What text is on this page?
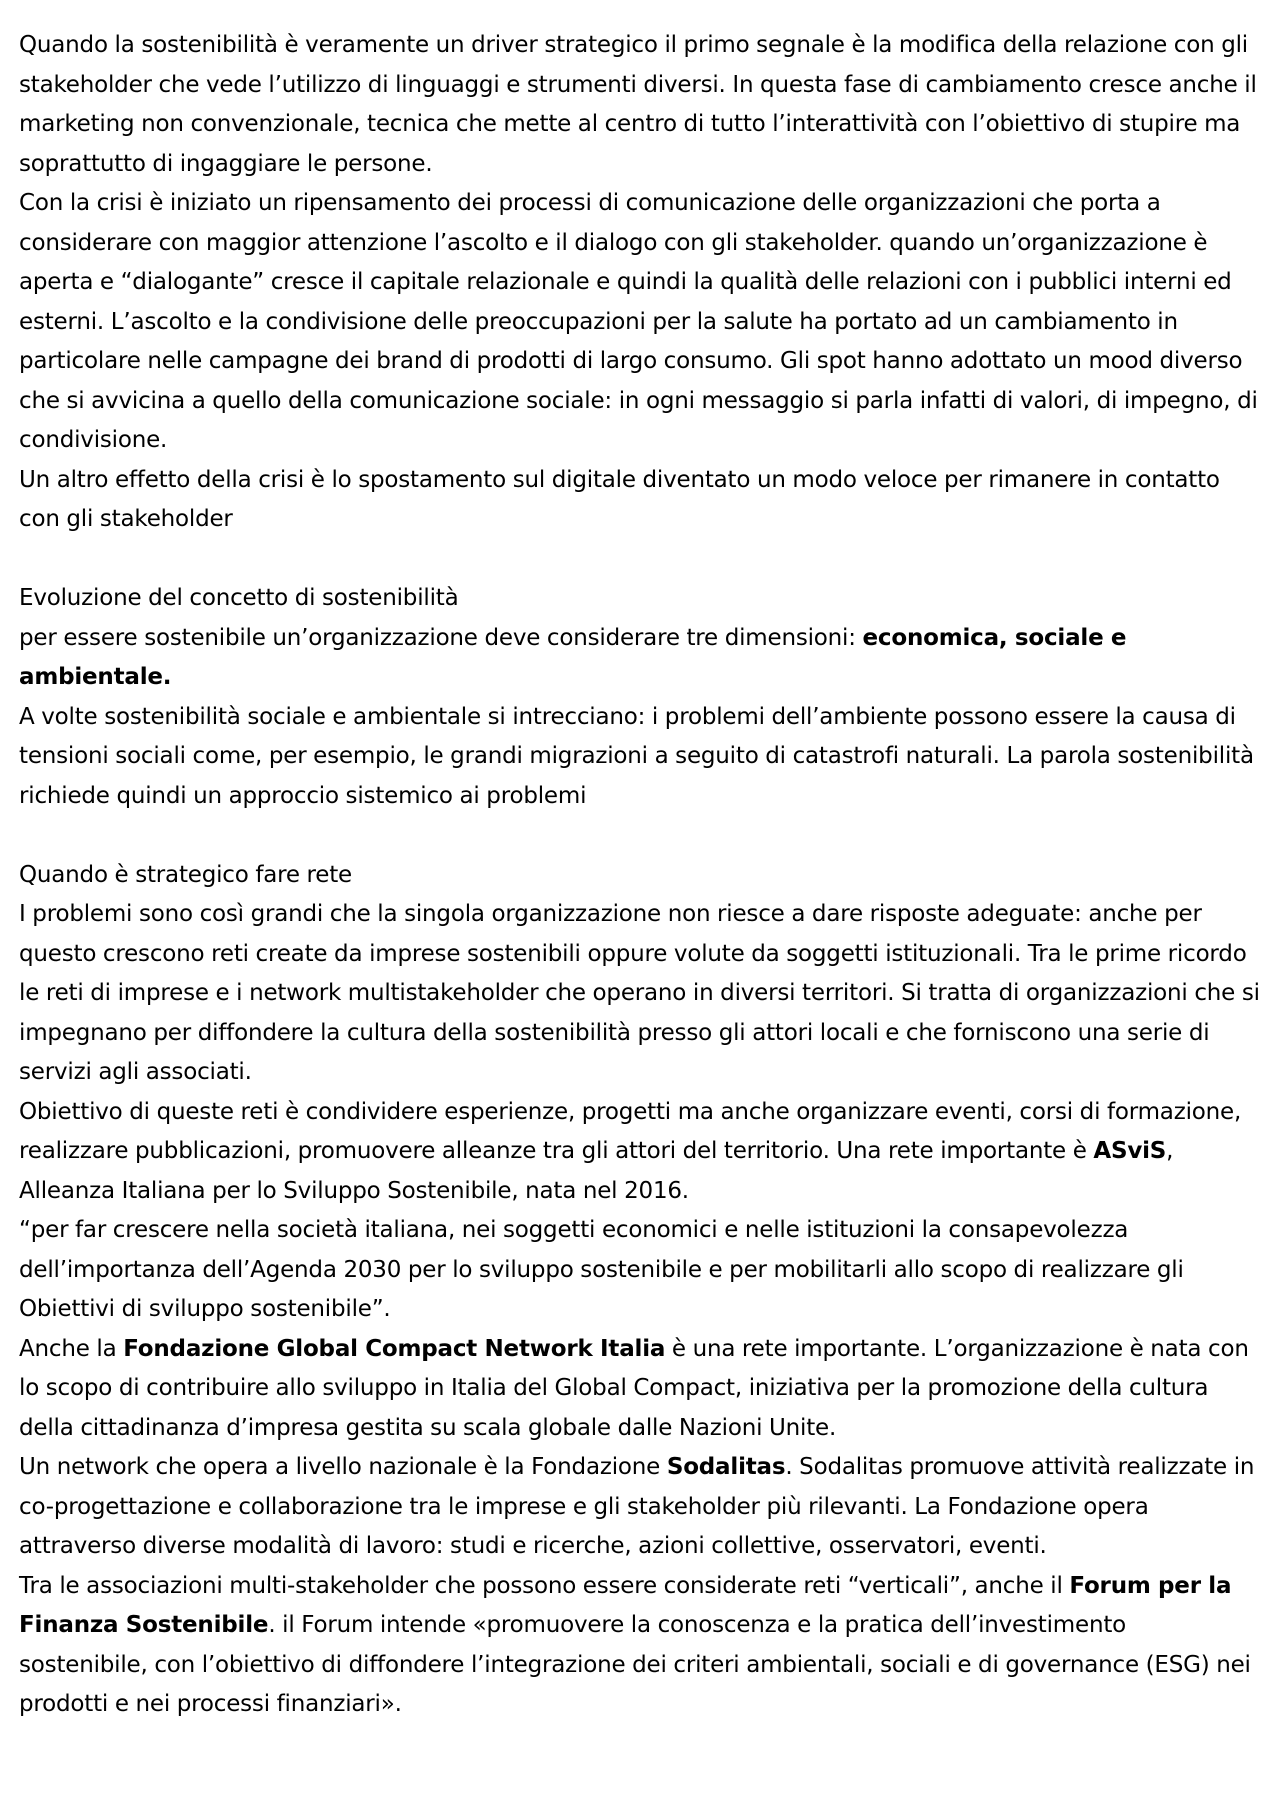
Quando la sostenibilità è veramente un driver strategico il primo segnale è la modifica della relazione con gli stakeholder che vede l’utilizzo di linguaggi e strumenti diversi. In questa fase di cambiamento cresce anche il marketing non convenzionale, tecnica che mette al centro di tutto l’interattività con l’obiettivo di stupire ma soprattutto di ingaggiare le persone.

Con la crisi è iniziato un ripensamento dei processi di comunicazione delle organizzazioni che porta a considerare con maggior attenzione l’ascolto e il dialogo con gli stakeholder. quando un’organizzazione è aperta e “dialogante” cresce il capitale relazionale e quindi la qualità delle relazioni con i pubblici interni ed esterni. L’ascolto e la condivisione delle preoccupazioni per la salute ha portato ad un cambiamento in particolare nelle campagne dei brand di prodotti di largo consumo. Gli spot hanno adottato un mood diverso che si avvicina a quello della comunicazione sociale: in ogni messaggio si parla infatti di valori, di impegno, di condivisione.

Un altro effetto della crisi è lo spostamento sul digitale diventato un modo veloce per rimanere in contatto con gli stakeholder

Evoluzione del concetto di sostenibilità

per essere sostenibile un’organizzazione deve considerare tre dimensioni: economica, sociale e ambientale.

A volte sostenibilità sociale e ambientale si intrecciano: i problemi dell’ambiente possono essere la causa di tensioni sociali come, per esempio, le grandi migrazioni a seguito di catastrofi naturali. La parola sostenibilità richiede quindi un approccio sistemico ai problemi

Quando è strategico fare rete

I problemi sono così grandi che la singola organizzazione non riesce a dare risposte adeguate: anche per questo crescono reti create da imprese sostenibili oppure volute da soggetti istituzionali. Tra le prime ricordo le reti di imprese e i network multistakeholder che operano in diversi territori. Si tratta di organizzazioni che si impegnano per diffondere la cultura della sostenibilità presso gli attori locali e che forniscono una serie di servizi agli associati.

Obiettivo di queste reti è condividere esperienze, progetti ma anche organizzare eventi, corsi di formazione, realizzare pubblicazioni, promuovere alleanze tra gli attori del territorio. Una rete importante è ASviS, Alleanza Italiana per lo Sviluppo Sostenibile, nata nel 2016.

“per far crescere nella società italiana, nei soggetti economici e nelle istituzioni la consapevolezza dell’importanza dell’Agenda 2030 per lo sviluppo sostenibile e per mobilitarli allo scopo di realizzare gli Obiettivi di sviluppo sostenibile”.

Anche la Fondazione Global Compact Network Italia è una rete importante. L’organizzazione è nata con lo scopo di contribuire allo sviluppo in Italia del Global Compact, iniziativa per la promozione della cultura della cittadinanza d’impresa gestita su scala globale dalle Nazioni Unite.

Un network che opera a livello nazionale è la Fondazione Sodalitas. Sodalitas promuove attività realizzate in co-progettazione e collaborazione tra le imprese e gli stakeholder più rilevanti. La Fondazione opera attraverso diverse modalità di lavoro: studi e ricerche, azioni collettive, osservatori, eventi.

Tra le associazioni multi-stakeholder che possono essere considerate reti “verticali”, anche il Forum per la Finanza Sostenibile. il Forum intende «promuovere la conoscenza e la pratica dell’investimento sostenibile, con l’obiettivo di diffondere l’integrazione dei criteri ambientali, sociali e di governance (ESG) nei prodotti e nei processi finanziari».
